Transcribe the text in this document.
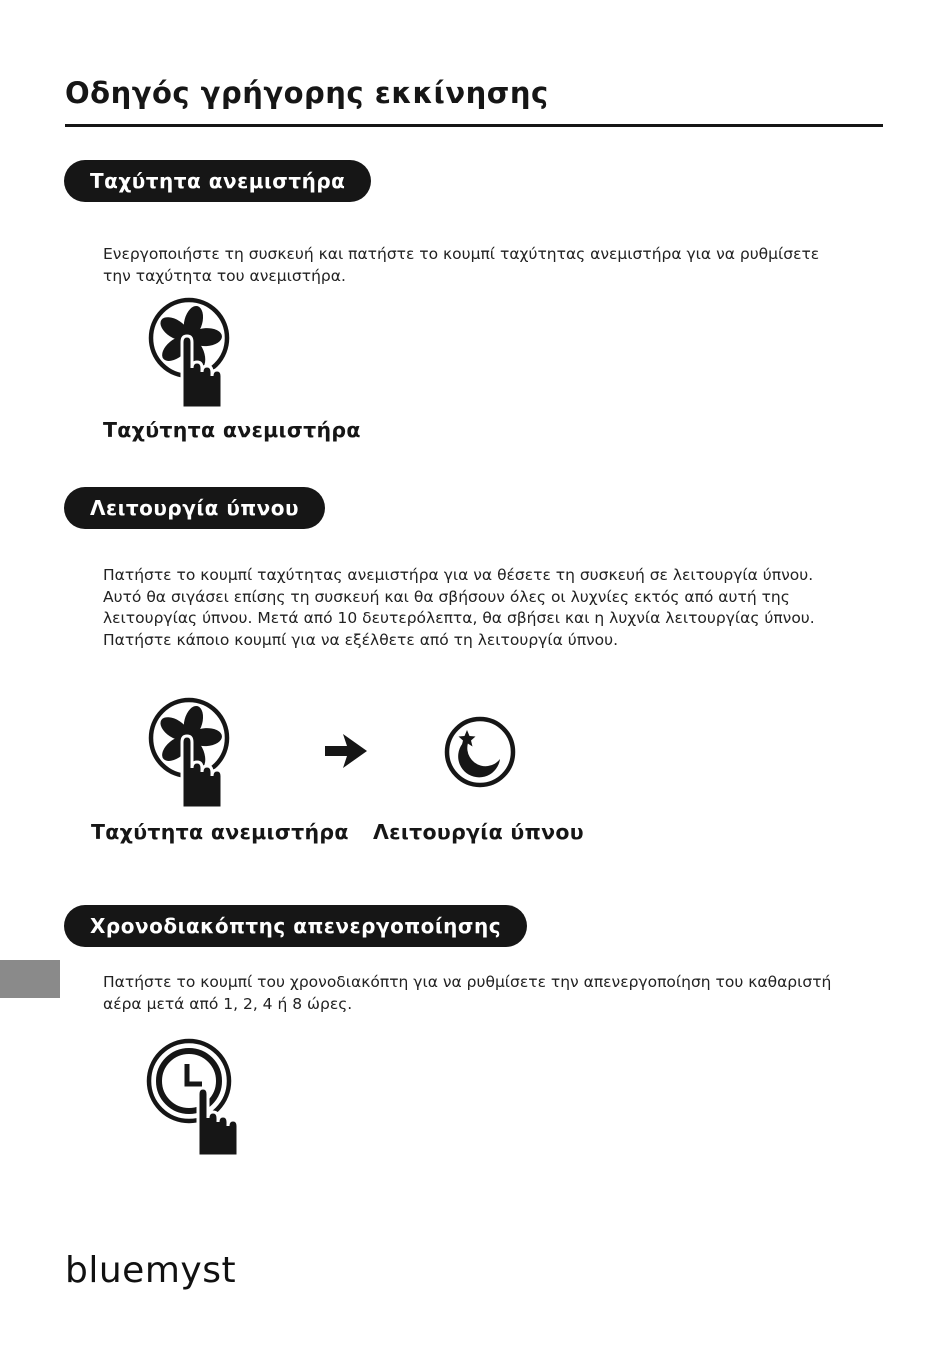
Οδηγός γρήγορης εκκίνησης
Ταχύτητα ανεμιστήρα
Ενεργοποιήστε τη συσκευή και πατήστε το κουμπί ταχύτητας ανεμιστήρα για να ρυθμίσετε
την ταχύτητα του ανεμιστήρα.
Ταχύτητα ανεμιστήρα
Λειτουργία ύπνου
Πατήστε το κουμπί ταχύτητας ανεμιστήρα για να θέσετε τη συσκευή σε λειτουργία ύπνου.
Αυτό θα σιγάσει επίσης τη συσκευή και θα σβήσουν όλες οι λυχνίες εκτός από αυτή της
λειτουργίας ύπνου. Μετά από 10 δευτερόλεπτα, θα σβήσει και η λυχνία λειτουργίας ύπνου.
Πατήστε κάποιο κουμπί για να εξέλθετε από τη λειτουργία ύπνου.
Ταχύτητα ανεμιστήρα Λειτουργία ύπνου
Χρονοδιακόπτης απενεργοποίησης
Πατήστε το κουμπί του χρονοδιακόπτη για να ρυθμίσετε την απενεργοποίηση του καθαριστή
αέρα μετά από 1, 2, 4 ή 8 ώρες.
bluemyst
